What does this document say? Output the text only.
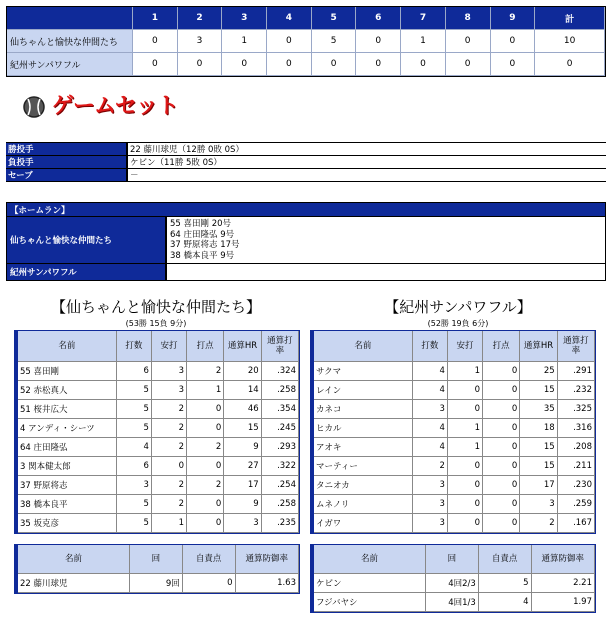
	1	2	3	4	5	6	7	8	9	計
仙ちゃんと愉快な仲間たち	0	3	1	0	5	0	1	0	0	10
紀州サンパワフル	0	0	0	0	0	0	0	0	0	0
ゲームセット
勝投手	22 藤川球児（12勝 0敗 0S）
負投手	ケビン（11勝 5敗 0S）
セーブ	－
【ホームラン】	
仙ちゃんと愉快な仲間たち	55 喜田剛 20号
64 庄田隆弘 9号
37 野原将志 17号
38 橋本良平 9号

紀州サンパワフル	
【仙ちゃんと愉快な仲間たち】
(53勝 15負 9分)
【紀州サンパワフル】
(52勝 19負 6分)
名前	打数	安打	打点	通算HR	通算打率
55 喜田剛	6	3	2	20	.324
52 赤松真人	5	3	1	14	.258
51 桜井広大	5	2	0	46	.354
4 アンディ・シーツ	5	2	0	15	.245
64 庄田隆弘	4	2	2	9	.293
3 関本健太郎	6	0	0	27	.322
37 野原将志	3	2	2	17	.254
38 橋本良平	5	2	0	9	.258
35 坂克彦	5	1	0	3	.235
名前	打数	安打	打点	通算HR	通算打率
サクマ	4	1	0	25	.291
レイン	4	0	0	15	.232
カネコ	3	0	0	35	.325
ヒカル	4	1	0	18	.316
アオキ	4	1	0	15	.208
マーティー	2	0	0	15	.211
タニオカ	3	0	0	17	.230
ムネノリ	3	0	0	3	.259
イガワ	3	0	0	2	.167
名前	回	自責点	通算防御率
22 藤川球児	9回	0	1.63
名前	回	自責点	通算防御率
ケビン	4回2/3	5	2.21
フジバヤシ	4回1/3	4	1.97
